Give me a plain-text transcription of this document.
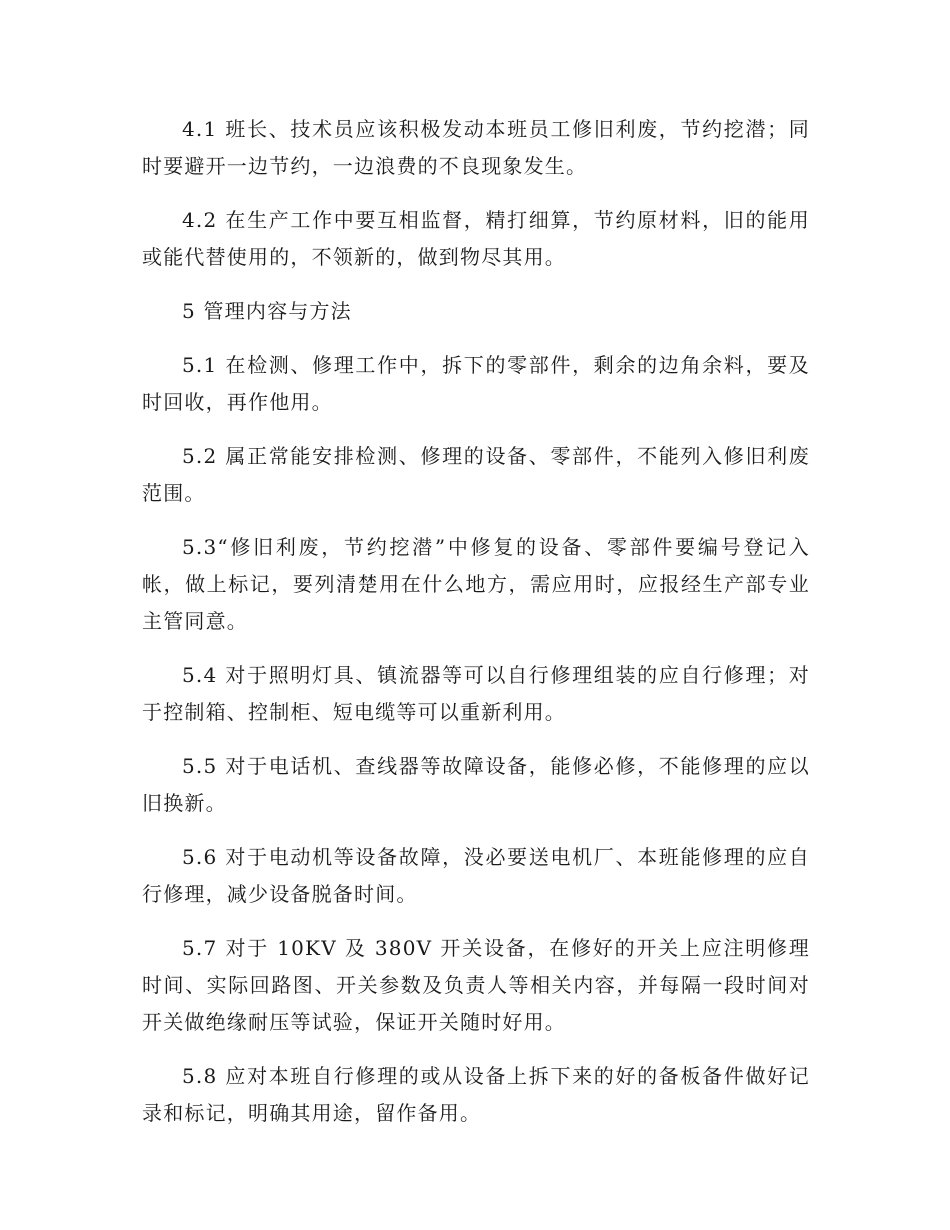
4.1 班长、技术员应该积极发动本班员工修旧利废，节约挖潜；同时要避开一边节约，一边浪费的不良现象发生。

4.2 在生产工作中要互相监督，精打细算，节约原材料，旧的能用或能代替使用的，不领新的，做到物尽其用。

5 管理内容与方法

5.1 在检测、修理工作中，拆下的零部件，剩余的边角余料，要及时回收，再作他用。

5.2 属正常能安排检测、修理的设备、零部件，不能列入修旧利废范围。

5.3“修旧利废，节约挖潜”中修复的设备、零部件要编号登记入帐，做上标记，要列清楚用在什么地方，需应用时，应报经生产部专业主管同意。

5.4 对于照明灯具、镇流器等可以自行修理组装的应自行修理；对于控制箱、控制柜、短电缆等可以重新利用。

5.5 对于电话机、查线器等故障设备，能修必修，不能修理的应以旧换新。

5.6 对于电动机等设备故障，没必要送电机厂、本班能修理的应自行修理，减少设备脱备时间。

5.7 对于 10KV 及 380V 开关设备，在修好的开关上应注明修理时间、实际回路图、开关参数及负责人等相关内容，并每隔一段时间对开关做绝缘耐压等试验，保证开关随时好用。

5.8 应对本班自行修理的或从设备上拆下来的好的备板备件做好记录和标记，明确其用途，留作备用。
